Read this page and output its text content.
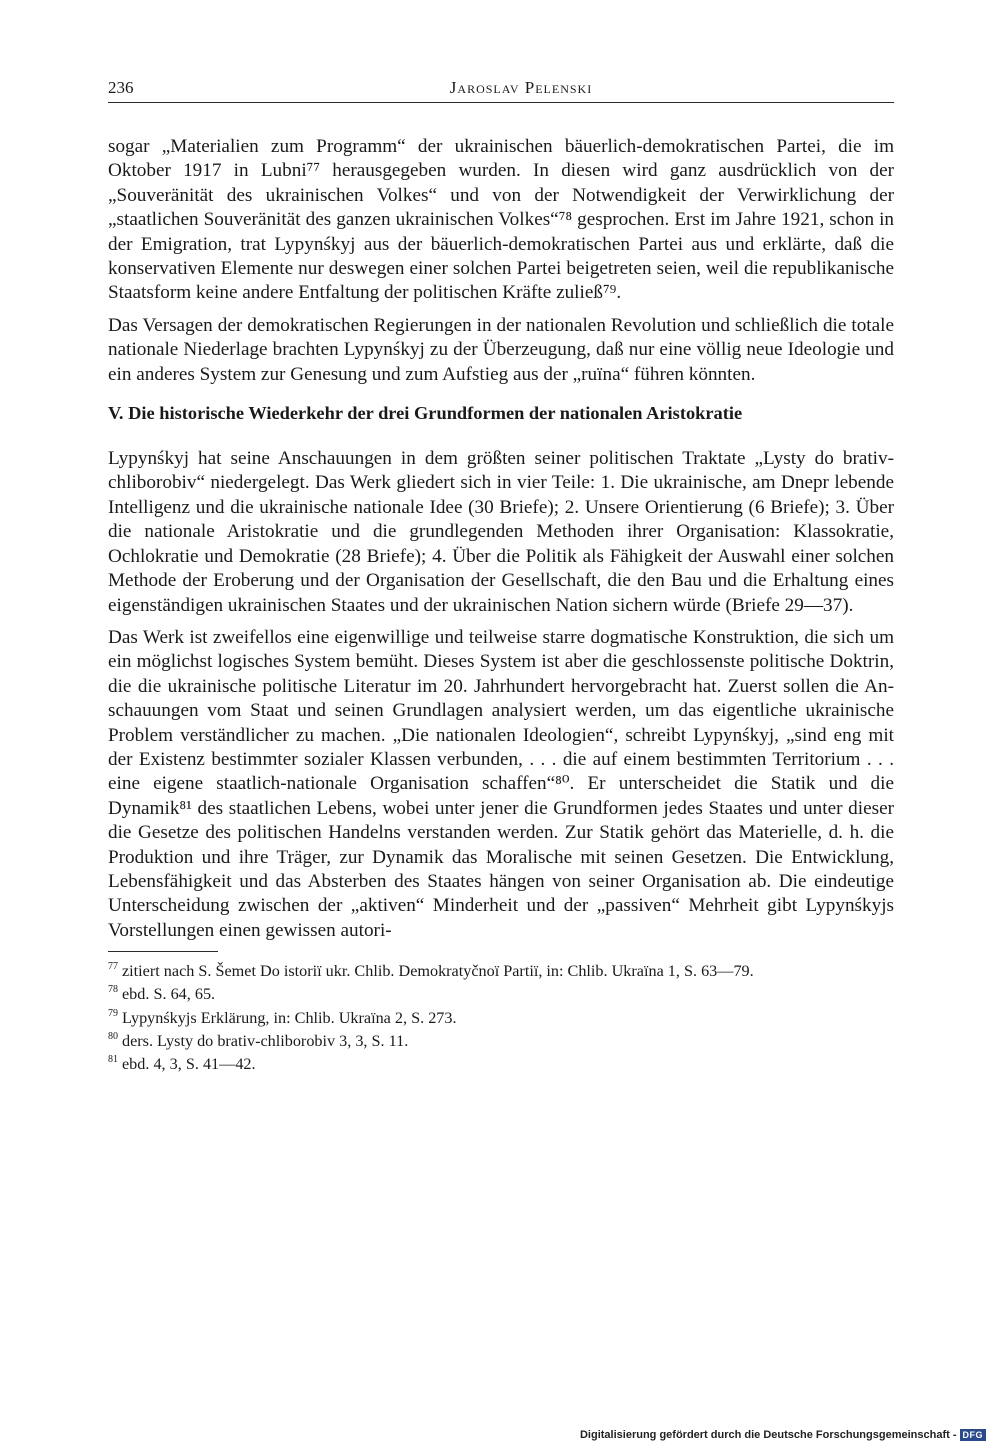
236	Jaroslav Pelenski

sogar „Materialien zum Programm“ der ukrainischen bäuerlich-demokratischen Partei, die im Oktober 1917 in Lubni⁷⁷ herausgegeben wurden. In diesen wird ganz ausdrücklich von der „Souveränität des ukrainischen Volkes“ und von der Notwendigkeit der Verwirklichung der „staatlichen Souveränität des ganzen ukrainischen Volkes“⁷⁸ gesprochen. Erst im Jahre 1921, schon in der Emigration, trat Lypynśkyj aus der bäuerlich-demokratischen Partei aus und erklärte, daß die konservativen Elemente nur deswegen einer solchen Partei beigetreten seien, weil die republikanische Staatsform keine andere Entfaltung der politischen Kräfte zuließ⁷⁹.

Das Versagen der demokratischen Regierungen in der nationalen Revolution und schließlich die totale nationale Niederlage brachten Lypynśkyj zu der Überzeugung, daß nur eine völlig neue Ideologie und ein anderes System zur Genesung und zum Aufstieg aus der „ruïna“ führen könnten.

V. Die historische Wiederkehr der drei Grundformen der nationalen Aristokratie

Lypynśkyj hat seine Anschauungen in dem größten seiner politischen Traktate „Lysty do brativ-chliborobiv“ niedergelegt. Das Werk gliedert sich in vier Teile: 1. Die ukrainische, am Dnepr lebende Intelligenz und die ukrainische nationale Idee (30 Briefe); 2. Unsere Orientierung (6 Briefe); 3. Über die nationale Aristokratie und die grundlegenden Methoden ihrer Organisation: Klassokratie, Ochlokratie und Demokratie (28 Briefe); 4. Über die Politik als Fähigkeit der Auswahl einer solchen Methode der Eroberung und der Organisation der Gesellschaft, die den Bau und die Erhaltung eines eigenständigen ukrainischen Staates und der ukrainischen Nation sichern würde (Briefe 29—37).

Das Werk ist zweifellos eine eigenwillige und teilweise starre dogmatische Konstruktion, die sich um ein möglichst logisches System bemüht. Dieses System ist aber die geschlossenste politische Doktrin, die die ukrainische politische Literatur im 20. Jahrhundert hervorgebracht hat. Zuerst sollen die Anschauungen vom Staat und seinen Grundlagen analysiert werden, um das eigentliche ukrainische Problem verständlicher zu machen. „Die nationalen Ideologien“, schreibt Lypynśkyj, „sind eng mit der Existenz bestimmter sozialer Klassen verbunden, . . . die auf einem bestimmten Territorium . . . eine eigene staatlich-nationale Organisation schaffen“⁸⁰. Er unterscheidet die Statik und die Dynamik⁸¹ des staatlichen Lebens, wobei unter jener die Grundformen jedes Staates und unter dieser die Gesetze des politischen Handelns verstanden werden. Zur Statik gehört das Materielle, d. h. die Produktion und ihre Träger, zur Dynamik das Moralische mit seinen Gesetzen. Die Entwicklung, Lebensfähigkeit und das Absterben des Staates hängen von seiner Organisation ab. Die eindeutige Unterscheidung zwischen der „aktiven“ Minderheit und der „passiven“ Mehrheit gibt Lypynśkyjs Vorstellungen einen gewissen autori-

77 zitiert nach S. Šemet Do istoriï ukr. Chlib. Demokratyčnoï Partiï, in: Chlib. Ukraïna 1, S. 63—79.
78 ebd. S. 64, 65.
79 Lypynśkyjs Erklärung, in: Chlib. Ukraïna 2, S. 273.
80 ders. Lysty do brativ-chliborobiv 3, 3, S. 11.
81 ebd. 4, 3, S. 41—42.
Digitalisierung gefördert durch die Deutsche Forschungsgemeinschaft - DFG
